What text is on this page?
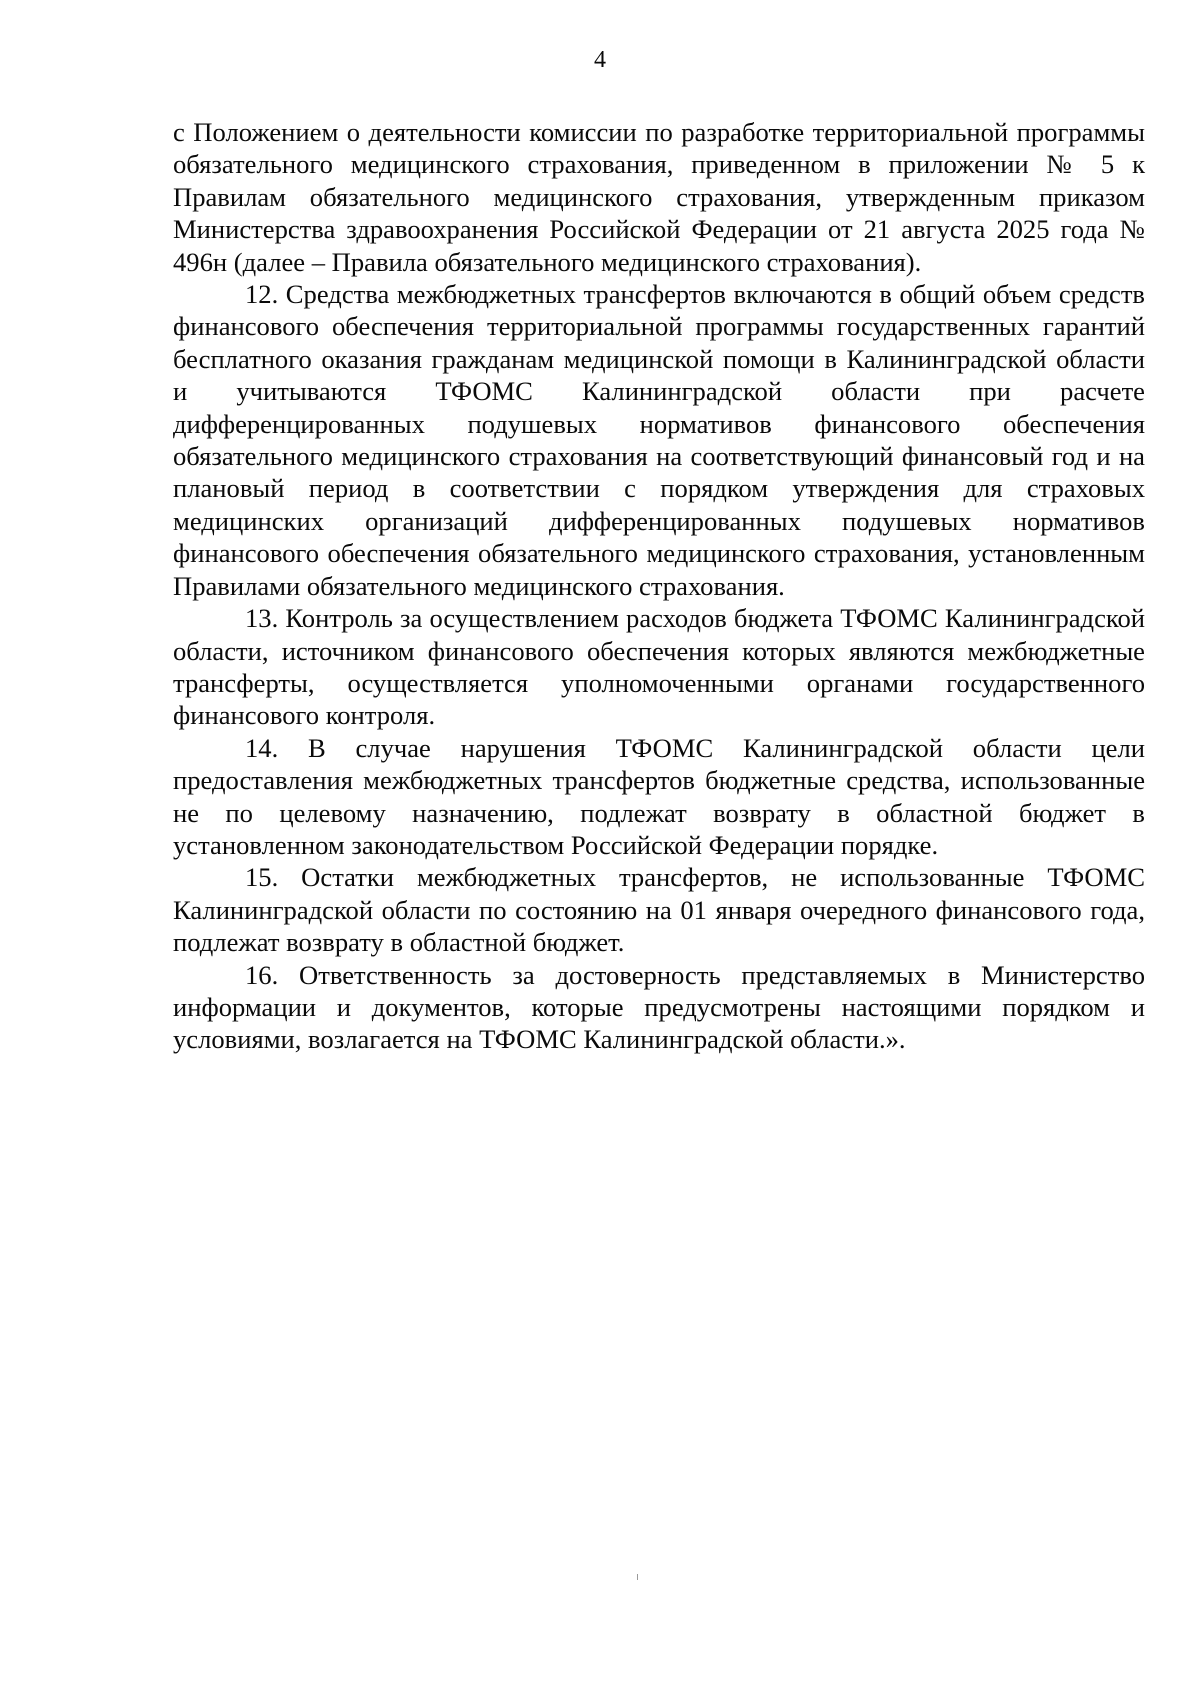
4

с Положением о деятельности комиссии по разработке территориальной программы обязательного медицинского страхования, приведенном в приложении № 5 к Правилам обязательного медицинского страхования, утвержденным приказом Министерства здравоохранения Российской Федерации от 21 августа 2025 года № 496н (далее – Правила обязательного медицинского страхования).

12. Средства межбюджетных трансфертов включаются в общий объем средств финансового обеспечения территориальной программы государственных гарантий бесплатного оказания гражданам медицинской помощи в Калининградской области и учитываются ТФОМС Калининградской области при расчете дифференцированных подушевых нормативов финансового обеспечения обязательного медицинского страхования на соответствующий финансовый год и на плановый период в соответствии с порядком утверждения для страховых медицинских организаций дифференцированных подушевых нормативов финансового обеспечения обязательного медицинского страхования, установленным Правилами обязательного медицинского страхования.

13. Контроль за осуществлением расходов бюджета ТФОМС Калининградской области, источником финансового обеспечения которых являются межбюджетные трансферты, осуществляется уполномоченными органами государственного финансового контроля.

14. В случае нарушения ТФОМС Калининградской области цели предоставления межбюджетных трансфертов бюджетные средства, использованные не по целевому назначению, подлежат возврату в областной бюджет в установленном законодательством Российской Федерации порядке.

15. Остатки межбюджетных трансфертов, не использованные ТФОМС Калининградской области по состоянию на 01 января очередного финансового года, подлежат возврату в областной бюджет.

16. Ответственность за достоверность представляемых в Министерство информации и документов, которые предусмотрены настоящими порядком и условиями, возлагается на ТФОМС Калининградской области.».
